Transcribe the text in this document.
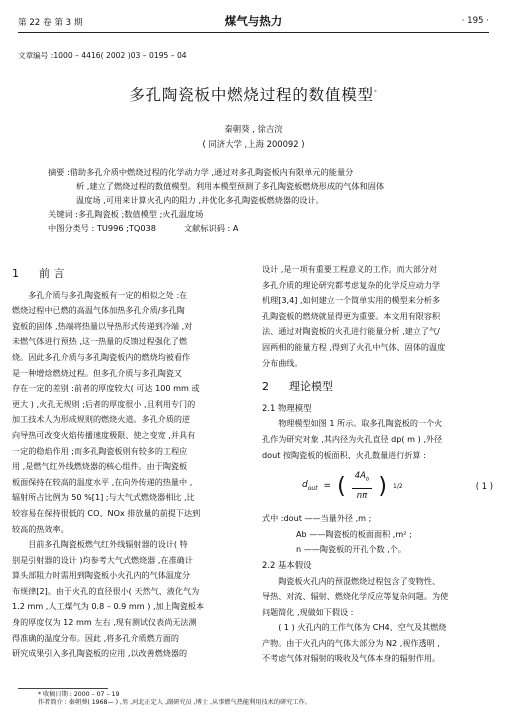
第 22 卷 第 3 期	煤气与热力	· 195 ·
文章编号 :1000 – 4416( 2002 )03 – 0195 – 04
多孔陶瓷板中燃烧过程的数值模型*
秦朝葵 , 徐吉浣
( 同济大学 ,上海 200092 )

摘要 :借助多孔介质中燃烧过程的化学动力学 ,通过对多孔陶瓷板内有限单元的能量分

析 ,建立了燃烧过程的数值模型。利用本模型预测了多孔陶瓷板燃烧形成的气体和固体

温度场 ,可用来计算火孔内的阻力 ,并优化多孔陶瓷板燃烧器的设计。

关键词 :多孔陶瓷板 ;数值模型 ;火孔温度场

中图分类号 : TU996 ;TQ038	文献标识码 : A
1 前 言

多孔介质与多孔陶瓷板有一定的相似之处 :在

燃烧过程中已燃的高温气体加热多孔介质/多孔陶

瓷板的固体 ,热端将热量以导热形式传递到冷端 ,对

未燃气体进行预热 ,这一热量的反馈过程强化了燃

烧。因此多孔介质与多孔陶瓷板内的燃烧均被看作

是一种增焓燃烧过程。但多孔介质与多孔陶瓷又

存在一定的差别 :前者的厚度较大( 可达 100 mm 或

更大 ) ,火孔无规则 ;后者的厚度很小 ,且利用专门的

加工技术人为形成规则的燃烧火道。多孔介质的逆

向导热可改变火焰传播速度极限、使之变宽 ,并具有

一定的稳焰作用 ;而多孔陶瓷板则有较多的工程应

用 ,是燃气红外线燃烧器的核心组件。由于陶瓷板

板面保持在较高的温度水平 ,在向外传递的热量中 ,

辐射所占比例为 50 %[1] ;与大气式燃烧器相比 ,比

较容易在保持很低的 CO、NOx 排放量的前提下达到

较高的热效率。

目前多孔陶瓷板燃气红外线辐射器的设计( 特

别是引射器的设计 )均参考大气式燃烧器 ,在准确计

算头部阻力时需用到陶瓷板小火孔内的气体温度分

布规律[2]。由于火孔的直径很小( 天然气、液化气为

1.2 mm ,人工煤气为 0.8 – 0.9 mm ) ,加上陶瓷板本

身的厚度仅为 12 mm 左右 ,现有测试仪表尚无法测

得准确的温度分布。因此 ,将多孔介质燃方面的

研究成果引入多孔陶瓷板的应用 ,以改善燃烧器的

设计 ,是一项有重要工程意义的工作。而大部分对

多孔介质的理论研究都考虑复杂的化学反应动力学

机理[3,4] ,如何建立一个简单实用的模型来分析多

孔陶瓷板的燃烧就显得更为重要。本文用有限容积

法、通过对陶瓷板的火孔进行能量分析 ,建立了气/

固两相的能量方程 ,得到了火孔中气体、固体的温度

分布曲线。

2 理论模型

2.1 物理模型

物理模型如图 1 所示。取多孔陶瓷板的一个火

孔作为研究对象 ,其内径为火孔直径 dp( m ) ,外径

dout 按陶瓷板的板面积、火孔数量进行折算 :

$d_{out}$ = ( $\frac{4A_b}{n\pi}$ ) 1/2	( 1 )

式中 :dout ——当量外径 ,m ;

Ab ——陶瓷板的板面面积 ,m² ;

n ——陶瓷板的开孔个数 ,个。

2.2 基本假设

陶瓷板火孔内的预混燃烧过程包含了变物性、

导热、对流、辐射、燃烧化学反应等复杂问题。为使

问题简化 ,现做如下假设 :

( 1 ) 火孔内的工作气体为 CH4、空气及其燃烧

产物。由于火孔内的气体大部分为 N2 ,视作透明 ,

不考虑气体对辐射的吸收及气体本身的辐射作用。

* 收稿日期 : 2000 – 07 – 19

作者简介 : 秦朝葵( 1968— ) ,男 ,河北正定人 ,副研究员 ,博士 ,从事燃气热能利用技术的研究工作。
